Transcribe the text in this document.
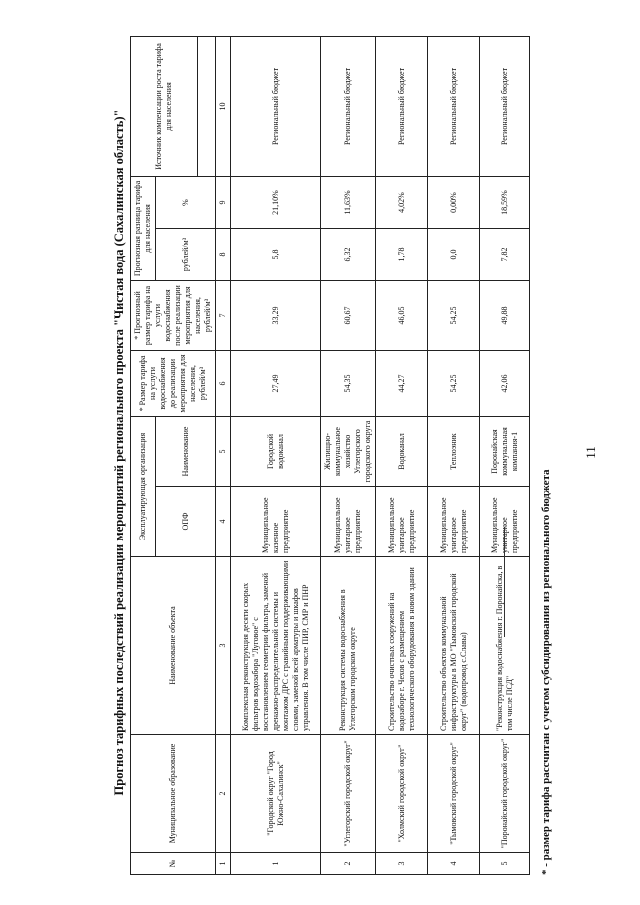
11
Прогноз тарифных последствий реализации мероприятий регионального проекта "Чистая вода (Сахалинская область)"
№	Муниципальное образование	Наименование объекта	Эксплуатирующая организация		* Размер тарифа на услуги водоснабжения до реализации мероприятия для населения, рублей/м³	* Прогнозный размер тарифа на услуги водоснабжения после реализации мероприятия для населения, рублей/м³	Прогнозная разница тарифа для населения		Источник компенсации роста тарифа для населения
			ОПФ	Наименование			рублей/м³	%	

1	2	3	4	5	6	7	8	9	10
1	"Городской округ "Город Южно-Сахалинск"	Комплексная реконструкция десяти скорых фильтров водозабора "Луговое" с восстановлением геометрии фильтра, заменой дренажно-распределительной системы и монтажом ДРС с гравийными поддерживающими слоями, заменой всей арматуры и шкафов управления. В том числе ПИР, СМР и ПНР	Муниципальное казенное предприятие	Городской водоканал	27,49	33,29	5,8	21,10%	Региональный бюджет
2	"Углегорский городской округ"	Реконструкция системы водоснабжения в Углегорском городском округе	Муниципальное унитарное предприятие	Жилищно-коммунальное хозяйство Углегорского городского округа	54,35	60,67	6,32	11,63%	Региональный бюджет
3	"Холмский городской округ"	Строительство очистных сооружений на водозаборе г. Чехов с размещением технологического оборудования в новом здании	Муниципальное унитарное предприятие	Водоканал	44,27	46,05	1,78	4,02%	Региональный бюджет
4	"Тымовский городской округ"	Строительство объектов коммунальной инфраструктуры в МО "Тымовский городской округ" (водопровод с.Славы)	Муниципальное унитарное предприятие	Теплоэник	54,25	54,25	0,0	0,00%	Региональный бюджет
5	"Поронайский городской округ"	"Реконструкция водоснабжения г. Поронайска, в том числе ПСД"	Муниципальное унитарное предприятие	Поронайская коммунальная компания-1	42,06	49,88	7,82	18,59%	Региональный бюджет
* - размер тарифа рассчитан с учетом субсидирования из регионального бюджета
